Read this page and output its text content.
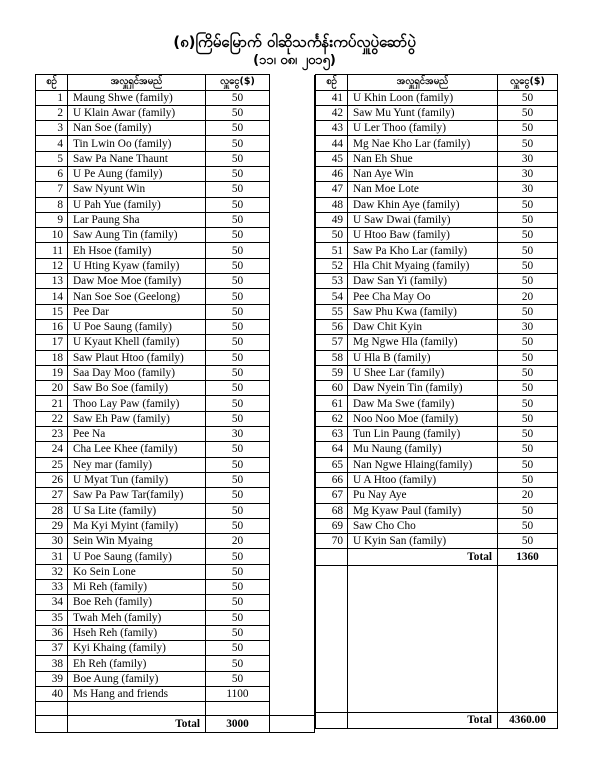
(၈)ကြိမ်မြောက် ဝါဆိုသင်္ကန်းကပ်လှူပွဲဆော်ပွဲ
(၁၁၊ ၀၈၊ ၂၀၁၅)
စဥ်	အလှူရှင်အမည်	လှူငွေ($)	
1	Maung Shwe (family)	50	
2	U Klain Awar (family)	50	
3	Nan Soe (family)	50	
4	Tin Lwin Oo (family)	50	
5	Saw Pa Nane Thaunt	50	
6	U Pe Aung (family)	50	
7	Saw Nyunt Win	50	
8	U Pah Yue (family)	50	
9	Lar Paung Sha	50	
10	Saw Aung Tin (family)	50	
11	Eh Hsoe (family)	50	
12	U Hting Kyaw (family)	50	
13	Daw Moe Moe (family)	50	
14	Nan Soe Soe (Geelong)	50	
15	Pee Dar	50	
16	U Poe Saung (family)	50	
17	U Kyaut Khell (family)	50	
18	Saw Plaut Htoo (family)	50	
19	Saa Day Moo (family)	50	
20	Saw Bo Soe (family)	50	
21	Thoo Lay Paw (family)	50	
22	Saw Eh Paw (family)	50	
23	Pee Na	30	
24	Cha Lee Khee (family)	50	
25	Ney mar (family)	50	
26	U Myat Tun (family)	50	
27	Saw Pa Paw Tar(family)	50	
28	U Sa Lite (family)	50	
29	Ma Kyi Myint (family)	50	
30	Sein Win Myaing	20	
31	U Poe Saung (family)	50	
32	Ko Sein Lone	50	
33	Mi Reh (family)	50	
34	Boe Reh (family)	50	
35	Twah Meh (family)	50	
36	Hseh Reh (family)	50	
37	Kyi Khaing (family)	50	
38	Eh Reh (family)	50	
39	Boe Aung (family)	50	
40	Ms Hang and friends	1100	

	Total	3000	
စဥ်	အလှူရှင်အမည်	လှူငွေ($)
41	U Khin Loon (family)	50
42	Saw Mu Yunt (family)	50
43	U Ler Thoo (family)	50
44	Mg Nae Kho Lar (family)	50
45	Nan Eh Shue	30
46	Nan Aye Win	30
47	Nan Moe Lote	30
48	Daw Khin Aye (family)	50
49	U Saw Dwai (family)	50
50	U Htoo Baw (family)	50
51	Saw Pa Kho Lar (family)	50
52	Hla Chit Myaing (family)	50
53	Daw San Yi (family)	50
54	Pee Cha May Oo	20
55	Saw Phu Kwa (family)	50
56	Daw Chit Kyin	30
57	Mg Ngwe Hla (family)	50
58	U Hla B (family)	50
59	U Shee Lar (family)	50
60	Daw Nyein Tin (family)	50
61	Daw Ma Swe (family)	50
62	Noo Noo Moe (family)	50
63	Tun Lin Paung (family)	50
64	Mu Naung (family)	50
65	Nan Ngwe Hlaing(family)	50
66	U A Htoo (family)	50
67	Pu Nay Aye	20
68	Mg Kyaw Paul (family)	50
69	Saw Cho Cho	50
70	U Kyin San (family)	50
	Total	1360

	Total	4360.00
